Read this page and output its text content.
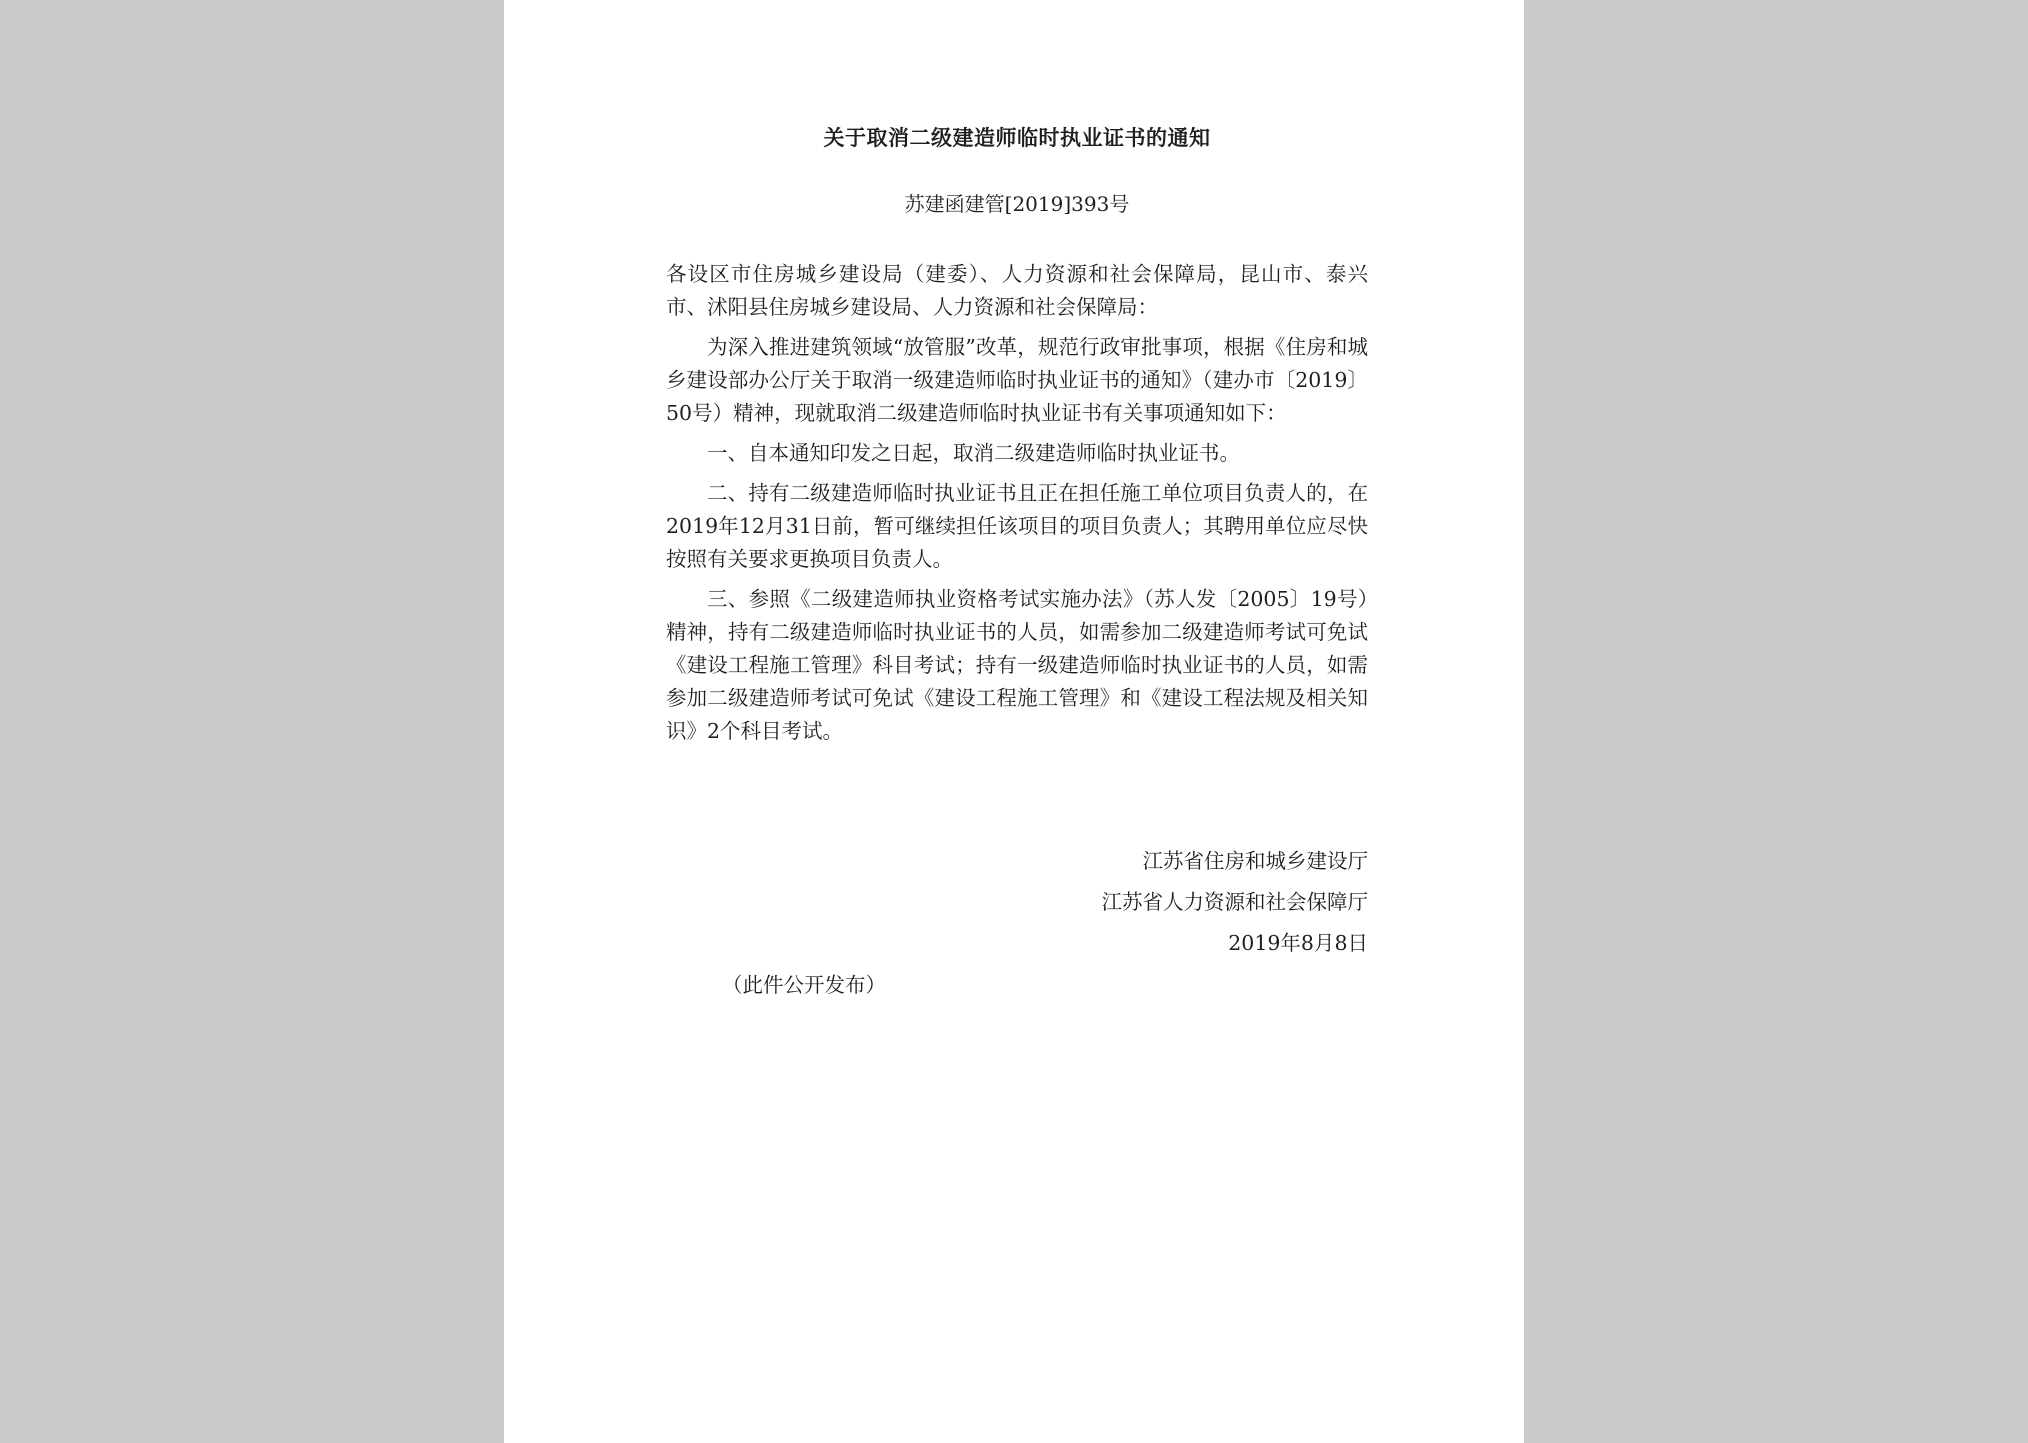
关于取消二级建造师临时执业证书的通知
苏建函建管[2019]393号

各设区市住房城乡建设局（建委）、人力资源和社会保障局，昆山市、泰兴市、沭阳县住房城乡建设局、人力资源和社会保障局：

为深入推进建筑领域“放管服”改革，规范行政审批事项，根据《住房和城乡建设部办公厅关于取消一级建造师临时执业证书的通知》（建办市〔2019〕50号）精神，现就取消二级建造师临时执业证书有关事项通知如下：

一、自本通知印发之日起，取消二级建造师临时执业证书。

二、持有二级建造师临时执业证书且正在担任施工单位项目负责人的，在2019年12月31日前，暂可继续担任该项目的项目负责人；其聘用单位应尽快按照有关要求更换项目负责人。

三、参照《二级建造师执业资格考试实施办法》（苏人发〔2005〕19号）精神，持有二级建造师临时执业证书的人员，如需参加二级建造师考试可免试《建设工程施工管理》科目考试；持有一级建造师临时执业证书的人员，如需参加二级建造师考试可免试《建设工程施工管理》和《建设工程法规及相关知识》2个科目考试。

江苏省住房和城乡建设厅
江苏省人力资源和社会保障厅
2019年8月8日
（此件公开发布）
